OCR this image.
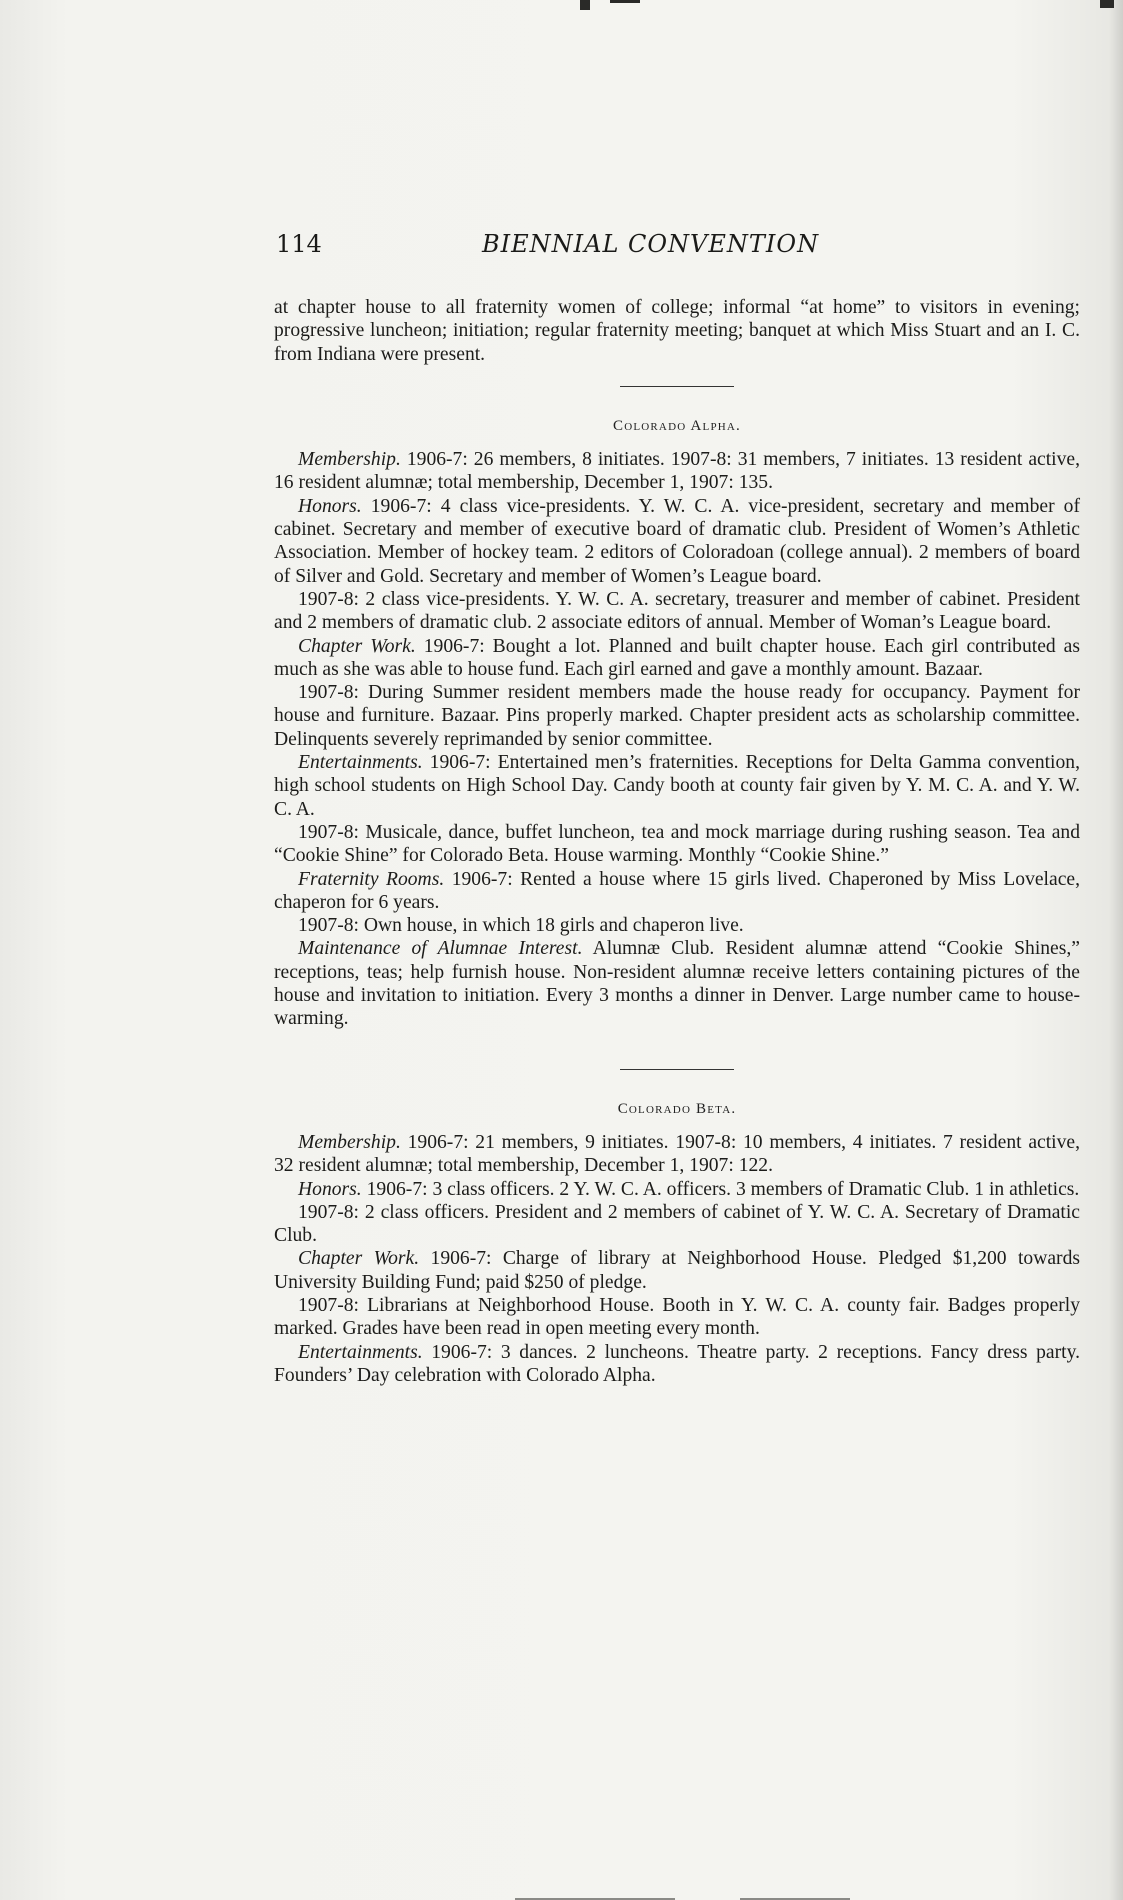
114	BIENNIAL CONVENTION

at chapter house to all fraternity women of college; informal “at home” to visitors in evening; progressive luncheon; initiation; regular fraternity meeting; banquet at which Miss Stuart and an I. C. from Indiana were present.

Colorado Alpha.

Membership. 1906-7: 26 members, 8 initiates. 1907-8: 31 members, 7 initiates. 13 resident active, 16 resident alumnæ; total membership, December 1, 1907: 135.

Honors. 1906-7: 4 class vice-presidents. Y. W. C. A. vice-president, secretary and member of cabinet. Secretary and member of executive board of dramatic club. President of Women’s Athletic Association. Member of hockey team. 2 editors of Coloradoan (college annual). 2 members of board of Silver and Gold. Secretary and member of Women’s League board.

1907-8: 2 class vice-presidents. Y. W. C. A. secretary, treasurer and member of cabinet. President and 2 members of dramatic club. 2 associate editors of annual. Member of Woman’s League board.

Chapter Work. 1906-7: Bought a lot. Planned and built chapter house. Each girl contributed as much as she was able to house fund. Each girl earned and gave a monthly amount. Bazaar.

1907-8: During Summer resident members made the house ready for occupancy. Payment for house and furniture. Bazaar. Pins properly marked. Chapter president acts as scholarship committee. Delinquents severely reprimanded by senior committee.

Entertainments. 1906-7: Entertained men’s fraternities. Receptions for Delta Gamma convention, high school students on High School Day. Candy booth at county fair given by Y. M. C. A. and Y. W. C. A.

1907-8: Musicale, dance, buffet luncheon, tea and mock marriage during rushing season. Tea and “Cookie Shine” for Colorado Beta. House warming. Monthly “Cookie Shine.”

Fraternity Rooms. 1906-7: Rented a house where 15 girls lived. Chaperoned by Miss Lovelace, chaperon for 6 years.

1907-8: Own house, in which 18 girls and chaperon live.

Maintenance of Alumnae Interest. Alumnæ Club. Resident alumnæ attend “Cookie Shines,” receptions, teas; help furnish house. Non-resident alumnæ receive letters containing pictures of the house and invitation to initiation. Every 3 months a dinner in Denver. Large number came to house-warming.

Colorado Beta.

Membership. 1906-7: 21 members, 9 initiates. 1907-8: 10 members, 4 initiates. 7 resident active, 32 resident alumnæ; total membership, December 1, 1907: 122.

Honors. 1906-7: 3 class officers. 2 Y. W. C. A. officers. 3 members of Dramatic Club. 1 in athletics.

1907-8: 2 class officers. President and 2 members of cabinet of Y. W. C. A. Secretary of Dramatic Club.

Chapter Work. 1906-7: Charge of library at Neighborhood House. Pledged $1,200 towards University Building Fund; paid $250 of pledge.

1907-8: Librarians at Neighborhood House. Booth in Y. W. C. A. county fair. Badges properly marked. Grades have been read in open meeting every month.

Entertainments. 1906-7: 3 dances. 2 luncheons. Theatre party. 2 receptions. Fancy dress party. Founders’ Day celebration with Colorado Alpha.
